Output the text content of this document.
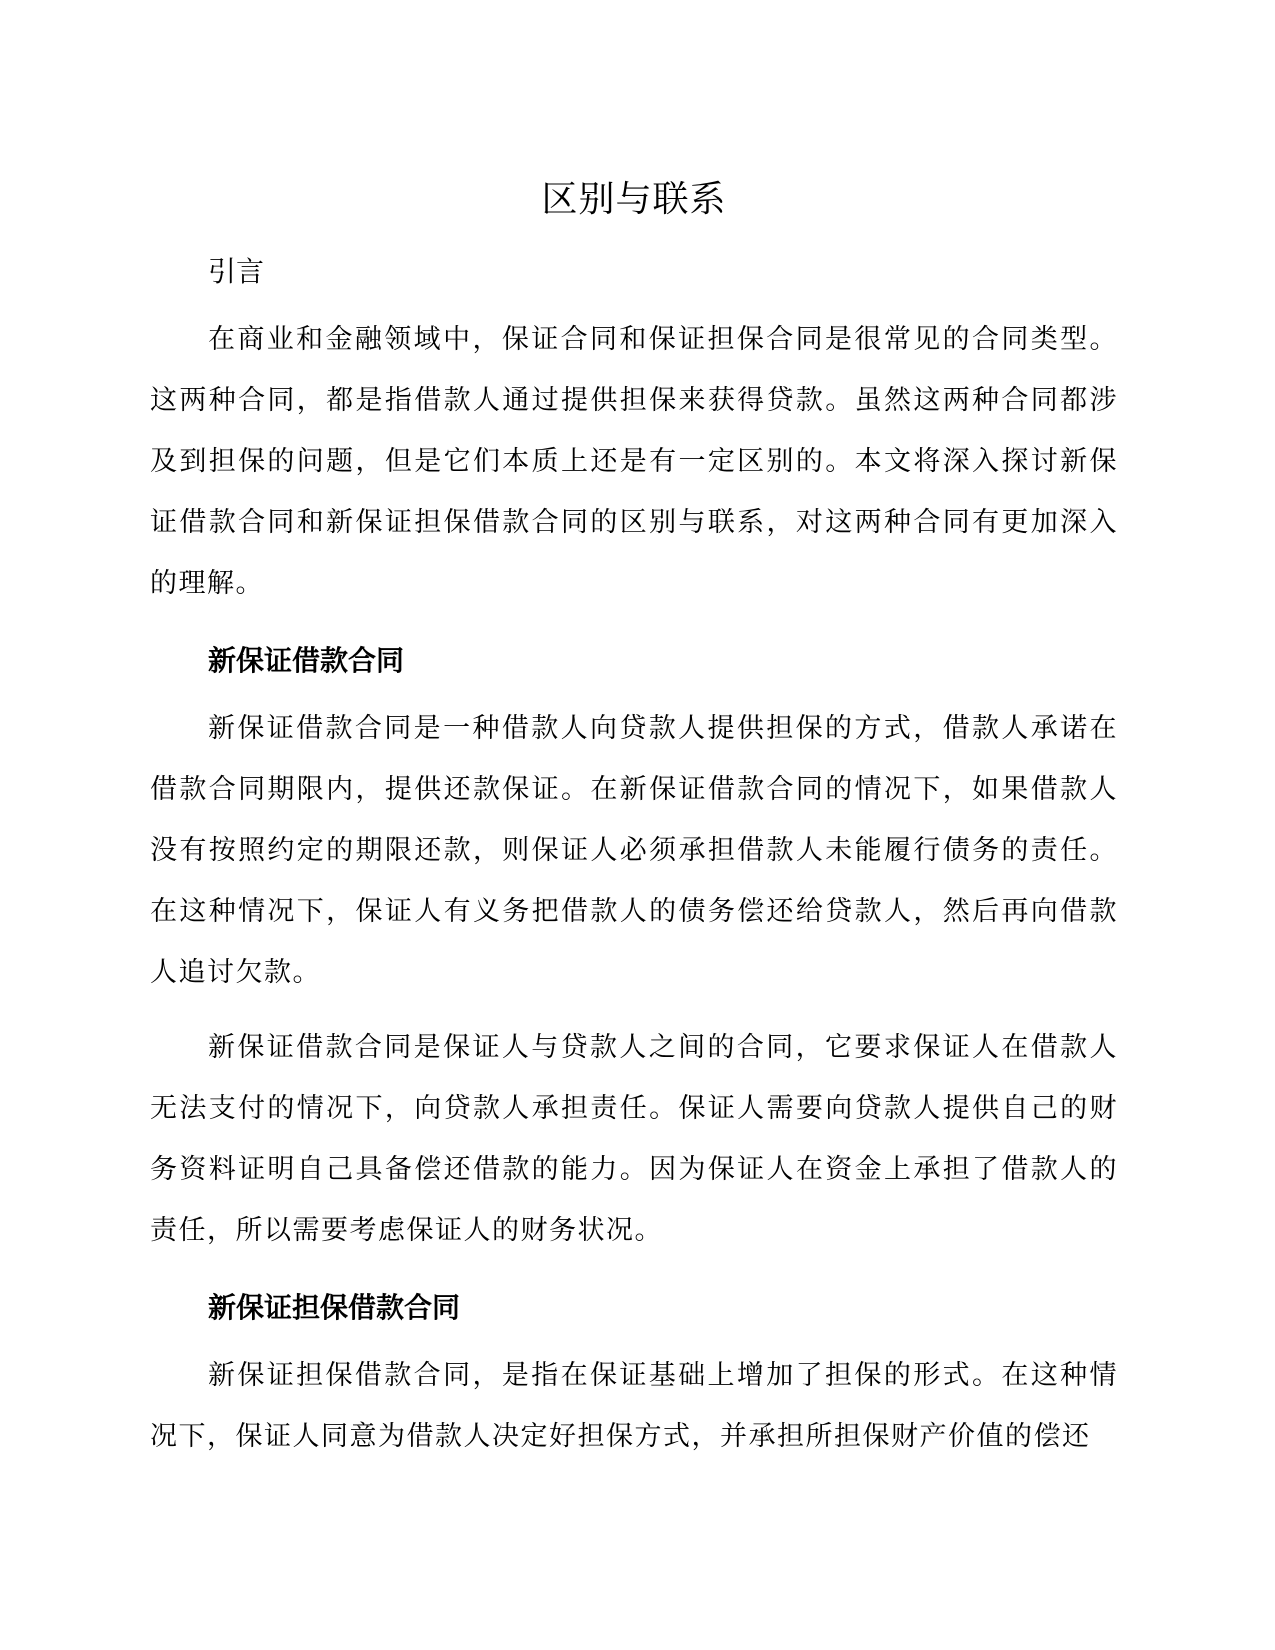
区别与联系
引言

在商业和金融领域中，保证合同和保证担保合同是很常见的合同类型。这两种合同，都是指借款人通过提供担保来获得贷款。虽然这两种合同都涉及到担保的问题，但是它们本质上还是有一定区别的。本文将深入探讨新保证借款合同和新保证担保借款合同的区别与联系，对这两种合同有更加深入的理解。

新保证借款合同

新保证借款合同是一种借款人向贷款人提供担保的方式，借款人承诺在借款合同期限内，提供还款保证。在新保证借款合同的情况下，如果借款人没有按照约定的期限还款，则保证人必须承担借款人未能履行债务的责任。在这种情况下，保证人有义务把借款人的债务偿还给贷款人，然后再向借款人追讨欠款。

新保证借款合同是保证人与贷款人之间的合同，它要求保证人在借款人无法支付的情况下，向贷款人承担责任。保证人需要向贷款人提供自己的财务资料证明自己具备偿还借款的能力。因为保证人在资金上承担了借款人的责任，所以需要考虑保证人的财务状况。

新保证担保借款合同

新保证担保借款合同，是指在保证基础上增加了担保的形式。在这种情况下，保证人同意为借款人决定好担保方式，并承担所担保财产价值的偿还
